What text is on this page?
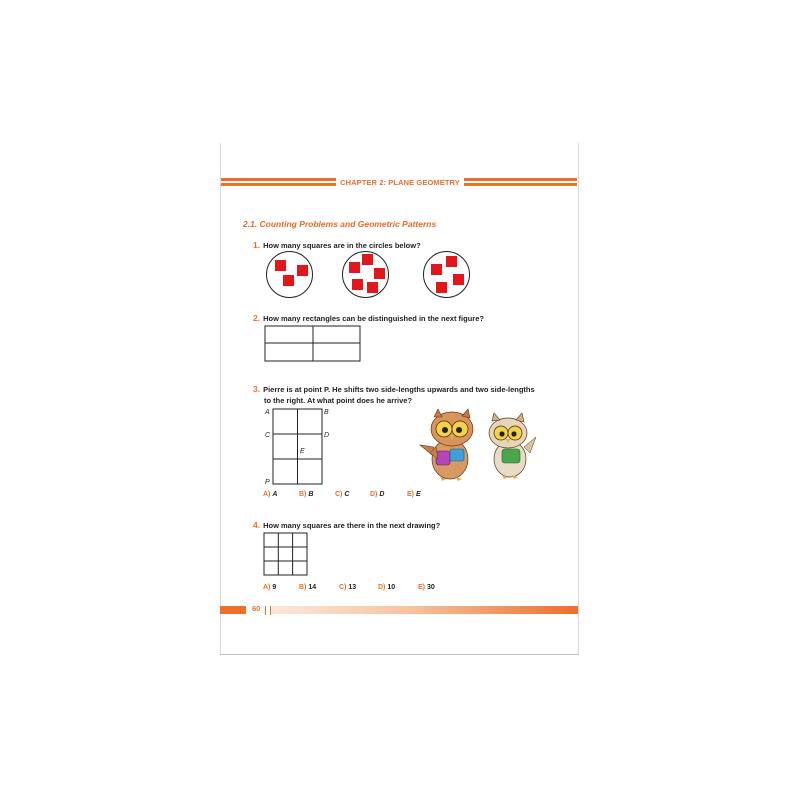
CHAPTER 2: PLANE GEOMETRY
2.1. Counting Problems and Geometric Patterns
1. How many squares are in the circles below?
2. How many rectangles can be distinguished in the next figure?
3. Pierre is at point P. He shifts two side-lengths upwards and two side-lengths
to the right. At what point does he arrive?
A	B
C	D
E
P
A) A	B) B	C) C	D) D	E) E
4. How many squares are there in the next drawing?
A) 9	B) 14	C) 13	D) 10	E) 30
60
